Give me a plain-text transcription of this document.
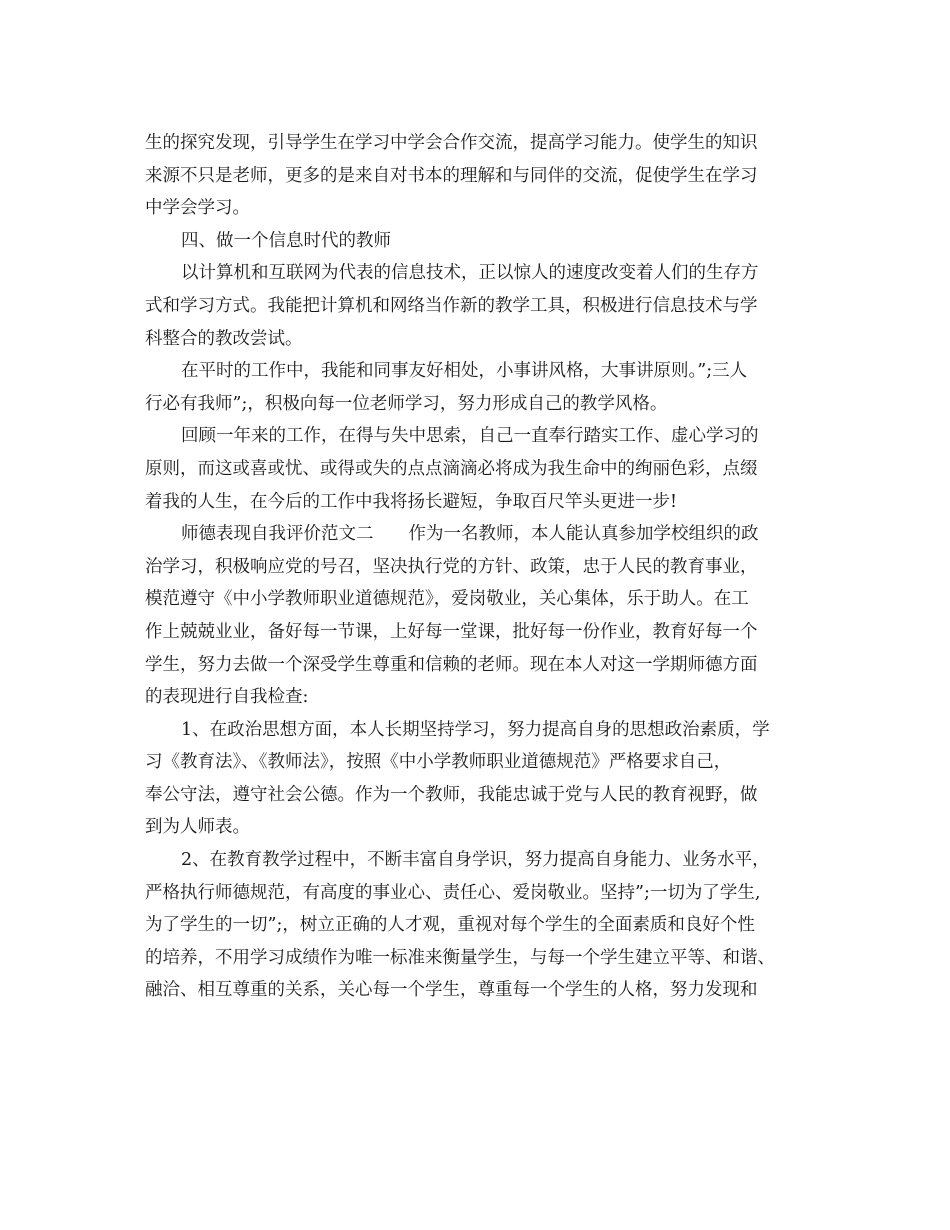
生的探究发现，引导学生在学习中学会合作交流，提高学习能力。使学生的知识
来源不只是老师，更多的是来自对书本的理解和与同伴的交流，促使学生在学习
中学会学习。
四、做一个信息时代的教师
以计算机和互联网为代表的信息技术，正以惊人的速度改变着人们的生存方
式和学习方式。我能把计算机和网络当作新的教学工具，积极进行信息技术与学
科整合的教改尝试。
在平时的工作中，我能和同事友好相处，小事讲风格，大事讲原则。”;三人
行必有我师”;，积极向每一位老师学习，努力形成自己的教学风格。
回顾一年来的工作，在得与失中思索，自己一直奉行踏实工作、虚心学习的
原则，而这或喜或忧、或得或失的点点滴滴必将成为我生命中的绚丽色彩，点缀
着我的人生，在今后的工作中我将扬长避短，争取百尺竿头更进一步!
师德表现自我评价范文二　　作为一名教师，本人能认真参加学校组织的政
治学习，积极响应党的号召，坚决执行党的方针、政策，忠于人民的教育事业，
模范遵守《中小学教师职业道德规范》，爱岗敬业，关心集体，乐于助人。在工
作上兢兢业业，备好每一节课，上好每一堂课，批好每一份作业，教育好每一个
学生，努力去做一个深受学生尊重和信赖的老师。现在本人对这一学期师德方面
的表现进行自我检查:
1、在政治思想方面，本人长期坚持学习，努力提高自身的思想政治素质，学
习《教育法》、《教师法》，按照《中小学教师职业道德规范》严格要求自己，
奉公守法，遵守社会公德。作为一个教师，我能忠诚于党与人民的教育视野，做
到为人师表。
2、在教育教学过程中，不断丰富自身学识，努力提高自身能力、业务水平，
严格执行师德规范，有高度的事业心、责任心、爱岗敬业。坚持”;一切为了学生,
为了学生的一切”;，树立正确的人才观，重视对每个学生的全面素质和良好个性
的培养，不用学习成绩作为唯一标准来衡量学生，与每一个学生建立平等、和谐、
融洽、相互尊重的关系，关心每一个学生，尊重每一个学生的人格，努力发现和
